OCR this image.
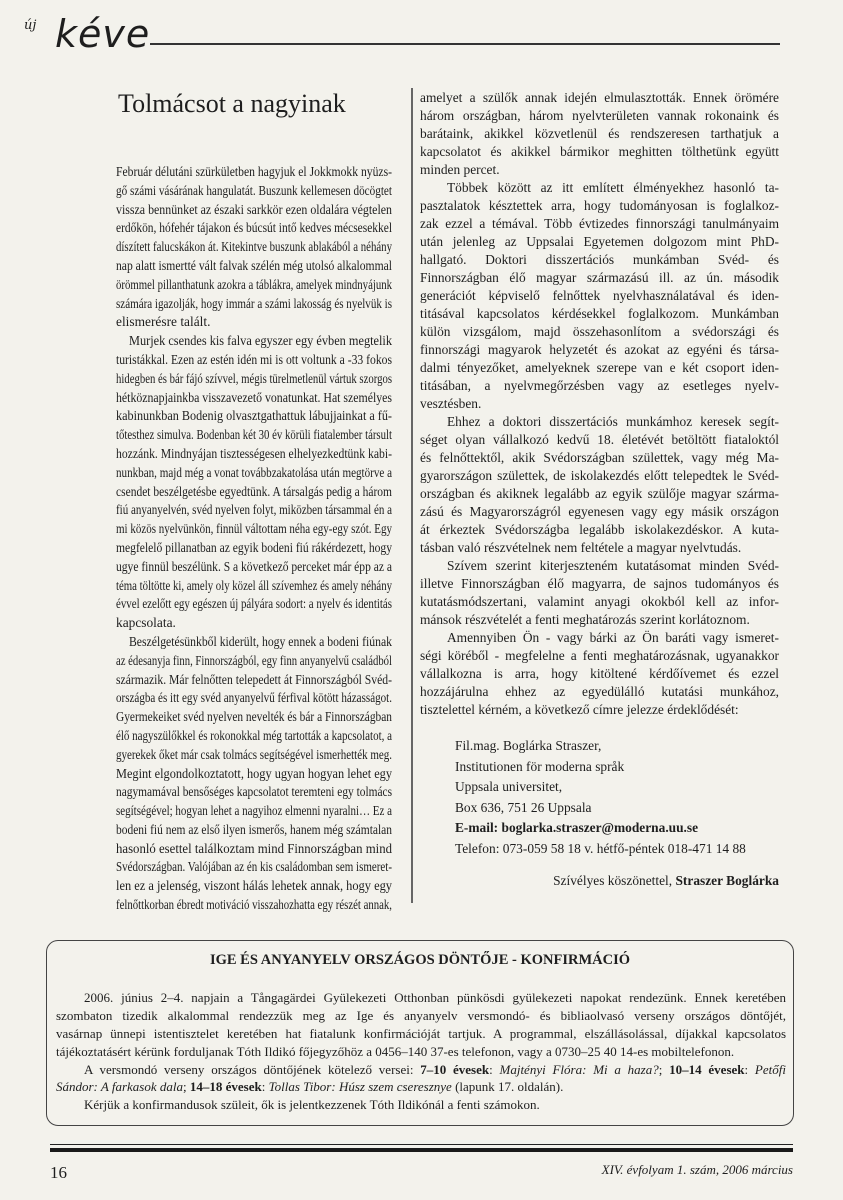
új kéve
Tolmácsot a nagyinak
Február délutáni szürkületben hagyjuk el Jokkmokk nyüzs-
gő számi vásárának hangulatát. Buszunk kellemesen döcögtet
vissza bennünket az északi sarkkör ezen oldalára végtelen
erdőkön, hófehér tájakon és búcsút intő kedves mécsesekkel
díszített falucskákon át. Kitekintve buszunk ablakából a néhány
nap alatt ismertté vált falvak szélén még utolsó alkalommal
örömmel pillanthatunk azokra a táblákra, amelyek mindnyájunk
számára igazolják, hogy immár a számi lakosság és nyelvük is
elismerésre talált.
Murjek csendes kis falva egyszer egy évben megtelik
turistákkal. Ezen az estén idén mi is ott voltunk a -33 fokos
hidegben és bár fájó szívvel, mégis türelmetlenül vártuk szorgos
hétköznapjainkba visszavezető vonatunkat. Hat személyes
kabinunkban Bodenig olvasztgathattuk lábujjainkat a fű-
tőtesthez simulva. Bodenban két 30 év körüli fiatalember társult
hozzánk. Mindnyájan tisztességesen elhelyezkedtünk kabi-
nunkban, majd még a vonat továbbzakatolása után megtörve a
csendet beszélgetésbe egyedtünk. A társalgás pedig a három
fiú anyanyelvén, svéd nyelven folyt, miközben társammal én a
mi közös nyelvünkön, finnül váltottam néha egy-egy szót. Egy
megfelelő pillanatban az egyik bodeni fiú rákérdezett, hogy
ugye finnül beszélünk. S a következő perceket már épp az a
téma töltötte ki, amely oly közel áll szívemhez és amely néhány
évvel ezelőtt egy egészen új pályára sodort: a nyelv és identitás
kapcsolata.
Beszélgetésünkből kiderült, hogy ennek a bodeni fiúnak
az édesanyja finn, Finnországból, egy finn anyanyelvű családból
származik. Már felnőtten telepedett át Finnországból Svéd-
országba és itt egy svéd anyanyelvű férfival kötött házasságot.
Gyermekeiket svéd nyelven nevelték és bár a Finnországban
élő nagyszülőkkel és rokonokkal még tartották a kapcsolatot, a
gyerekek őket már csak tolmács segítségével ismerhették meg.
Megint elgondolkoztatott, hogy ugyan hogyan lehet egy
nagymamával bensőséges kapcsolatot teremteni egy tolmács
segítségével; hogyan lehet a nagyihoz elmenni nyaralni… Ez a
bodeni fiú nem az első ilyen ismerős, hanem még számtalan
hasonló esettel találkoztam mind Finnországban mind
Svédországban. Valójában az én kis családomban sem ismeret-
len ez a jelenség, viszont hálás lehetek annak, hogy egy
felnőttkorban ébredt motiváció visszahozhatta egy részét annak,
amelyet a szülők annak idején elmulasztották. Ennek örömére
három országban, három nyelvterületen vannak rokonaink és
barátaink, akikkel közvetlenül és rendszeresen tarthatjuk a
kapcsolatot és akikkel bármikor meghitten tölthetünk együtt
minden percet.
Többek között az itt említett élményekhez hasonló ta-
pasztalatok késztettek arra, hogy tudományosan is foglalkoz-
zak ezzel a témával. Több évtizedes finnországi tanulmányaim
után jelenleg az Uppsalai Egyetemen dolgozom mint PhD-
hallgató. Doktori disszertációs munkámban Svéd- és
Finnországban élő magyar származású ill. az ún. második
generációt képviselő felnőttek nyelvhasználatával és iden-
titásával kapcsolatos kérdésekkel foglalkozom. Munkámban
külön vizsgálom, majd összehasonlítom a svédországi és
finnországi magyarok helyzetét és azokat az egyéni és társa-
dalmi tényezőket, amelyeknek szerepe van e két csoport iden-
titásában, a nyelvmegőrzésben vagy az esetleges nyelv-
vesztésben.
Ehhez a doktori disszertációs munkámhoz keresek segít-
séget olyan vállalkozó kedvű 18. életévét betöltött fiataloktól
és felnőttektől, akik Svédországban születtek, vagy még Ma-
gyarországon születtek, de iskolakezdés előtt telepedtek le Svéd-
országban és akiknek legalább az egyik szülője magyar szárma-
zású és Magyarországról egyenesen vagy egy másik országon
át érkeztek Svédországba legalább iskolakezdéskor. A kuta-
tásban való részvételnek nem feltétele a magyar nyelvtudás.
Szívem szerint kiterjeszteném kutatásomat minden Svéd-
illetve Finnországban élő magyarra, de sajnos tudományos és
kutatásmódszertani, valamint anyagi okokból kell az infor-
mánsok részvételét a fenti meghatározás szerint korlátoznom.
Amennyiben Ön - vagy bárki az Ön baráti vagy ismeret-
ségi köréből - megfelelne a fenti meghatározásnak, ugyanakkor
vállalkozna is arra, hogy kitöltené kérdőívemet és ezzel
hozzájárulna ehhez az egyedülálló kutatási munkához,
tisztelettel kérném, a következő címre jelezze érdeklődését:
Fil.mag. Boglárka Straszer,
Institutionen för moderna språk
Uppsala universitet,
Box 636, 751 26 Uppsala
E-mail: boglarka.straszer@moderna.uu.se
Telefon: 073-059 58 18 v. hétfő-péntek 018-471 14 88
Szívélyes köszönettel, Straszer Boglárka
IGE ÉS ANYANYELV ORSZÁGOS DÖNTŐJE - KONFIRMÁCIÓ
2006. június 2–4. napjain a Tångagärdei Gyülekezeti Otthonban pünkösdi gyülekezeti napokat rendezünk. Ennek keretében
szombaton tizedik alkalommal rendezzük meg az Ige és anyanyelv versmondó- és bibliaolvasó verseny országos döntőjét,
vasárnap ünnepi istentisztelet keretében hat fiatalunk konfirmációját tartjuk. A programmal, elszállásolással, díjakkal kapcsolatos
tájékoztatásért kérünk forduljanak Tóth Ildikó főjegyzőhöz a 0456–140 37-es telefonon, vagy a 0730–25 40 14-es mobiltelefonon.
A versmondó verseny országos döntőjének kötelező versei: 7–10 évesek: Majtényi Flóra: Mi a haza?; 10–14 évesek: Petőfi
Sándor: A farkasok dala; 14–18 évesek: Tollas Tibor: Húsz szem cseresznye (lapunk 17. oldalán).
Kérjük a konfirmandusok szüleit, ők is jelentkezzenek Tóth Ildikónál a fenti számokon.
16	XIV. évfolyam 1. szám, 2006 március
